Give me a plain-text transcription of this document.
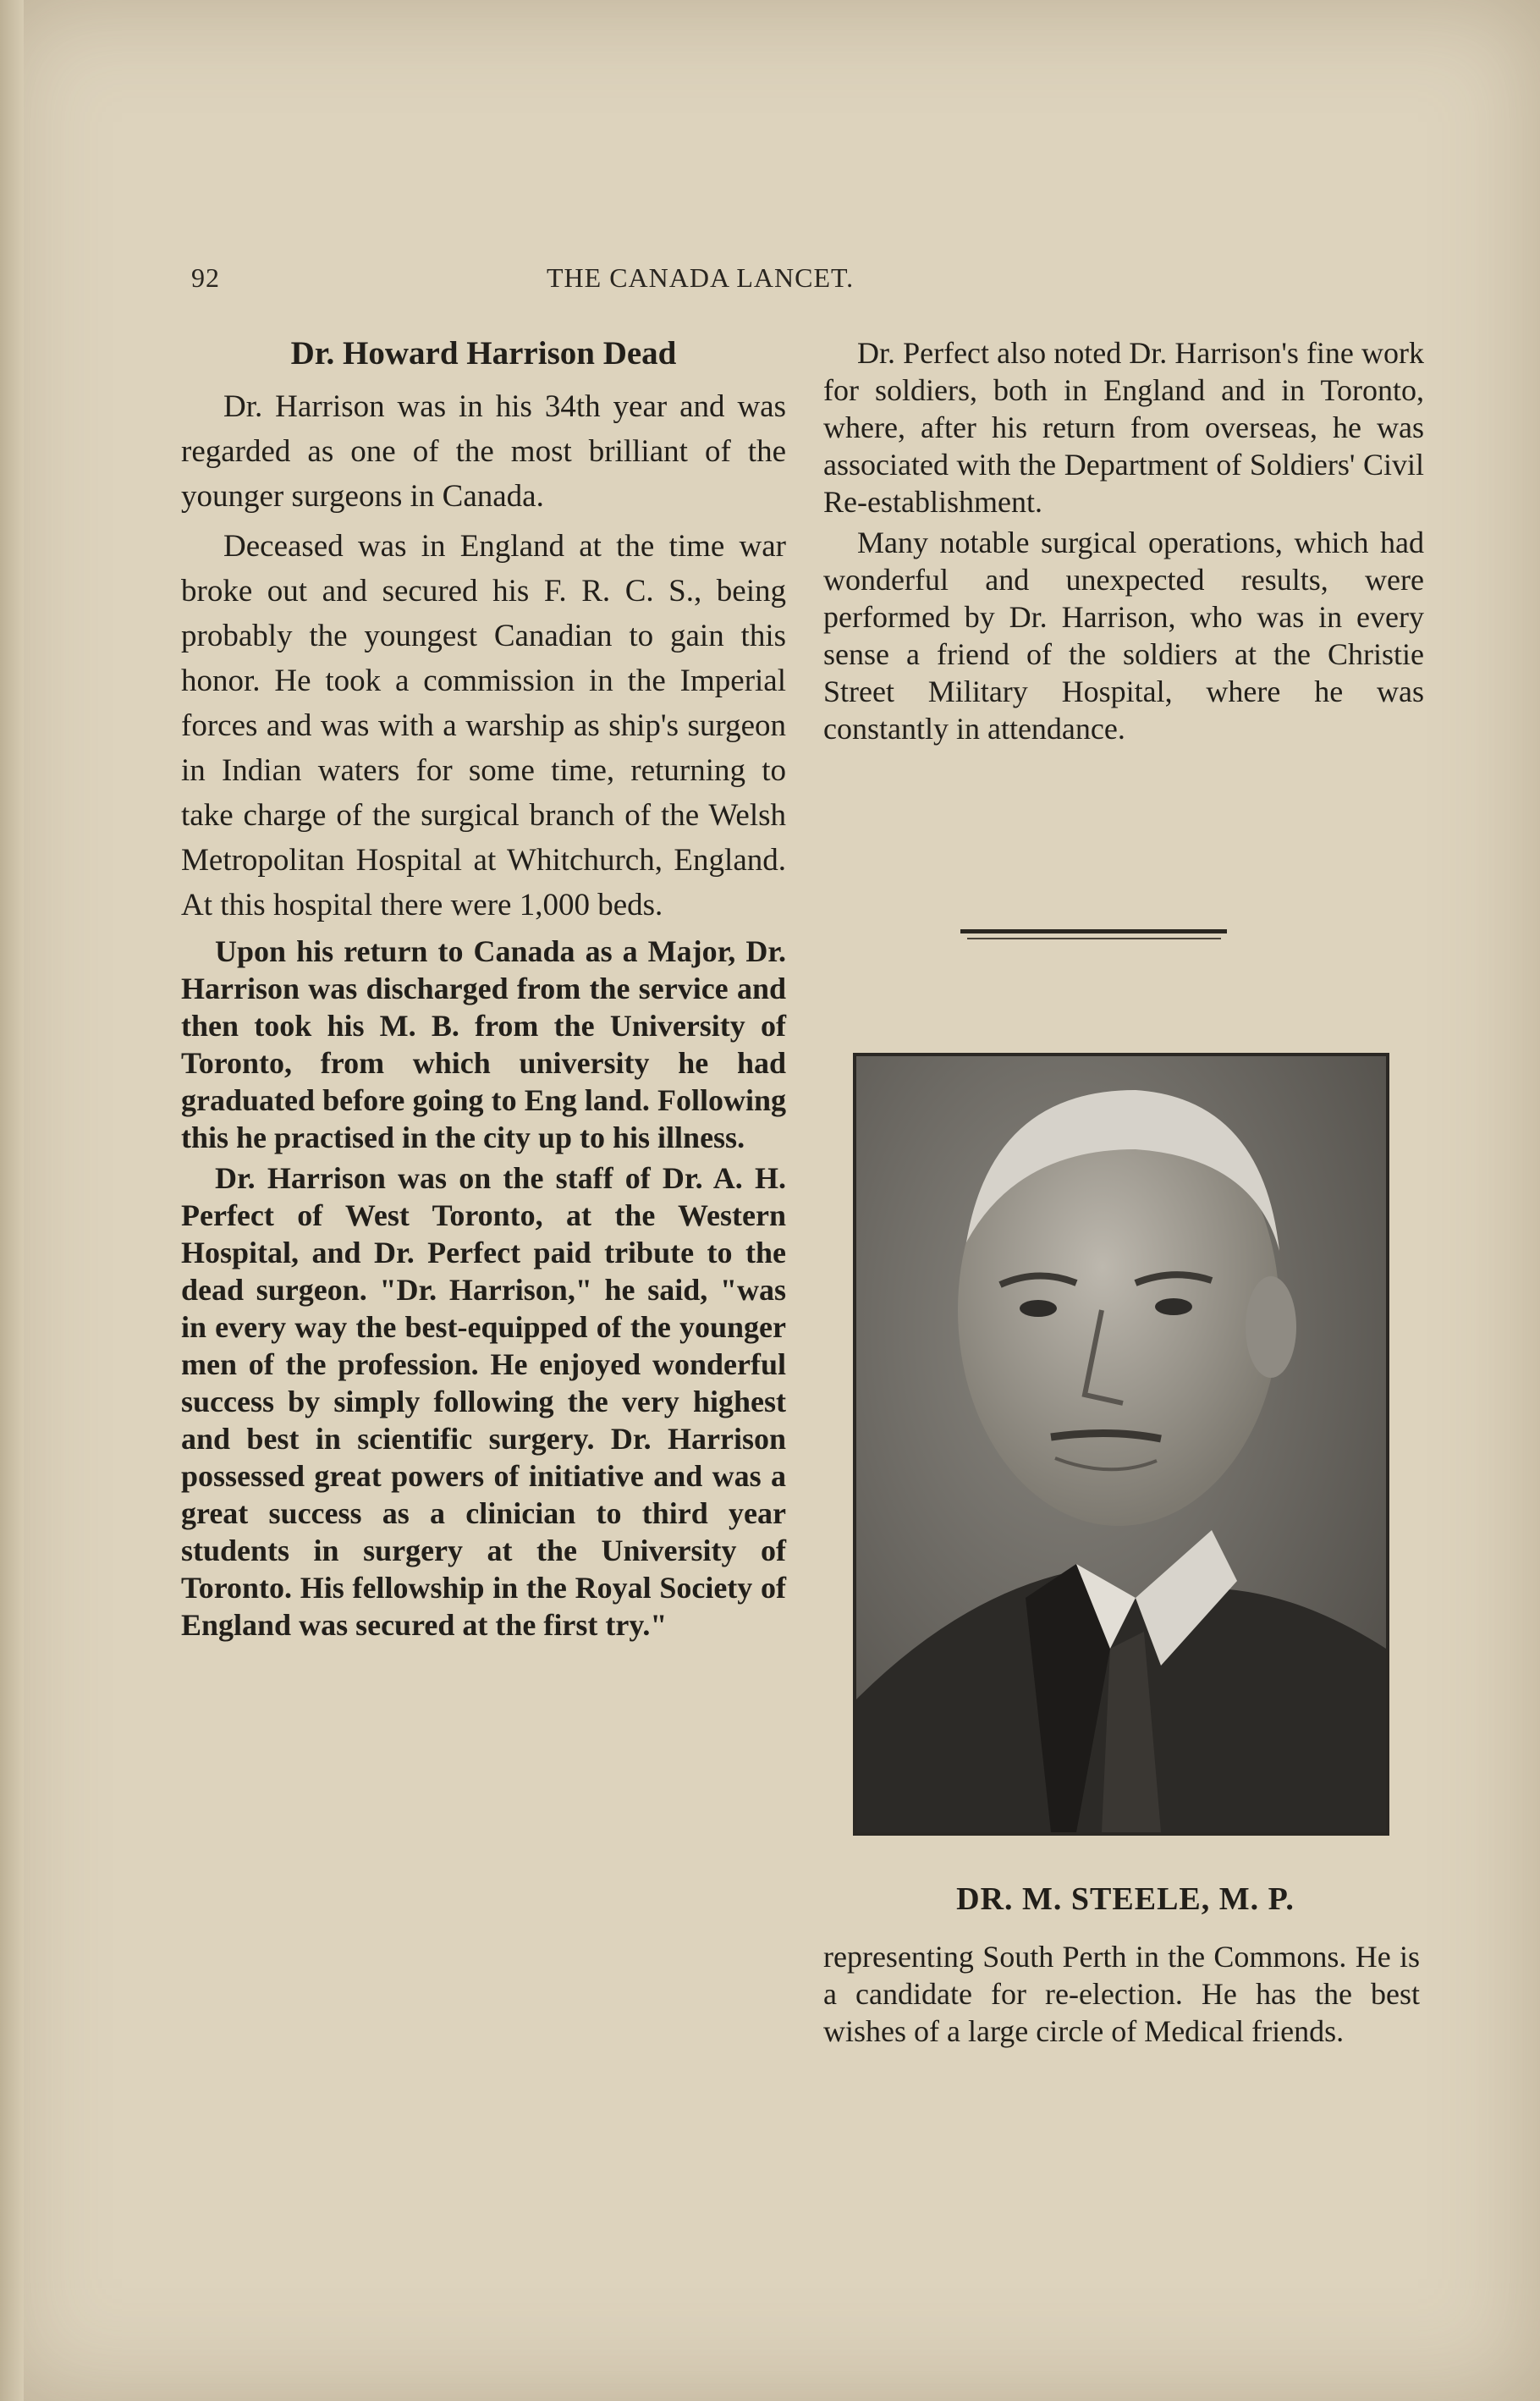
92	THE CANADA LANCET.
Dr. Howard Harrison Dead

Dr. Harrison was in his 34th year and was regarded as one of the most brilliant of the younger surgeons in Canada.

Deceased was in England at the time war broke out and secured his F. R. C. S., being probably the youngest Canadian to gain this honor. He took a commission in the Imperial forces and was with a warship as ship's surgeon in Indian waters for some time, returning to take charge of the surgical branch of the Welsh Metropolitan Hospital at Whitchurch, England. At this hospital there were 1,000 beds.

Upon his return to Canada as a Major, Dr. Harrison was discharged from the service and then took his M. B. from the University of Toronto, from which university he had graduated before going to Eng land. Following this he practised in the city up to his illness.

Dr. Harrison was on the staff of Dr. A. H. Perfect of West Toronto, at the Western Hospital, and Dr. Perfect paid tribute to the dead surgeon. "Dr. Harrison," he said, "was in every way the best-equipped of the younger men of the profession. He enjoyed wonderful success by simply following the very highest and best in scientific surgery. Dr. Harrison possessed great powers of initiative and was a great success as a clinician to third year students in surgery at the University of Toronto. His fellowship in the Royal Society of England was secured at the first try."

Dr. Perfect also noted Dr. Harrison's fine work for soldiers, both in England and in Toronto, where, after his return from overseas, he was associated with the Department of Soldiers' Civil Re-establishment.

Many notable surgical operations, which had wonderful and unexpected results, were performed by Dr. Harrison, who was in every sense a friend of the soldiers at the Christie Street Military Hospital, where he was constantly in attendance.

DR. M. STEELE, M. P.

representing South Perth in the Commons. He is a candidate for re-election. He has the best wishes of a large circle of Medical friends.
